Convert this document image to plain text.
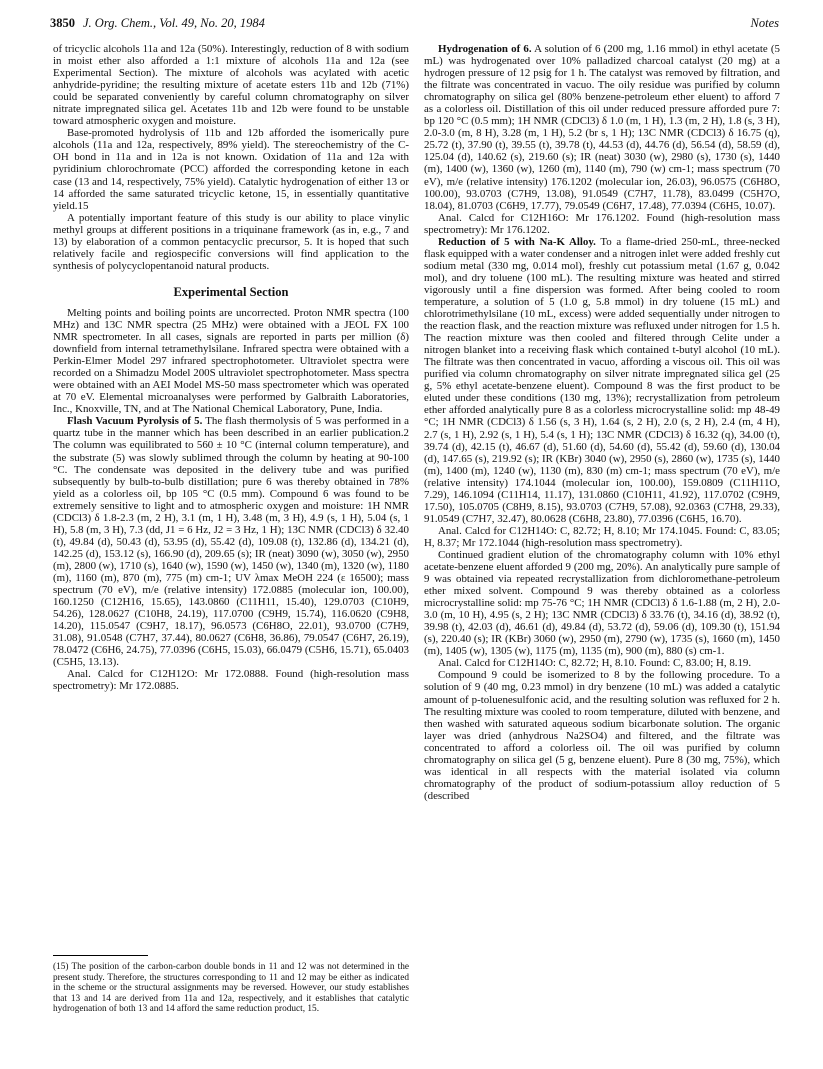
3850 J. Org. Chem., Vol. 49, No. 20, 1984	Notes

of tricyclic alcohols 11a and 12a (50%). Interestingly, reduction of 8 with sodium in moist ether also afforded a 1:1 mixture of alcohols 11a and 12a (see Experimental Section). The mixture of alcohols was acylated with acetic anhydride-pyridine; the resulting mixture of acetate esters 11b and 12b (71%) could be separated conveniently by careful column chromatography on silver nitrate impregnated silica gel. Acetates 11b and 12b were found to be unstable toward atmospheric oxygen and moisture.

Base-promoted hydrolysis of 11b and 12b afforded the isomerically pure alcohols (11a and 12a, respectively, 89% yield). The stereochemistry of the C-OH bond in 11a and in 12a is not known. Oxidation of 11a and 12a with pyridinium chlorochromate (PCC) afforded the corresponding ketone in each case (13 and 14, respectively, 75% yield). Catalytic hydrogenation of either 13 or 14 afforded the same saturated tricyclic ketone, 15, in essentially quantitative yield.15

A potentially important feature of this study is our ability to place vinylic methyl groups at different positions in a triquinane framework (as in, e.g., 7 and 13) by elaboration of a common pentacyclic precursor, 5. It is hoped that such relatively facile and regiospecific conversions will find application to the synthesis of polycyclopentanoid natural products.

Experimental Section

Melting points and boiling points are uncorrected. Proton NMR spectra (100 MHz) and 13C NMR spectra (25 MHz) were obtained with a JEOL FX 100 NMR spectrometer. In all cases, signals are reported in parts per million (δ) downfield from internal tetramethylsilane. Infrared spectra were obtained with a Perkin-Elmer Model 297 infrared spectrophotometer. Ultraviolet spectra were recorded on a Shimadzu Model 200S ultraviolet spectrophotometer. Mass spectra were obtained with an AEI Model MS-50 mass spectrometer which was operated at 70 eV. Elemental microanalyses were performed by Galbraith Laboratories, Inc., Knoxville, TN, and at The National Chemical Laboratory, Pune, India.

Flash Vacuum Pyrolysis of 5. The flash thermolysis of 5 was performed in a quartz tube in the manner which has been described in an earlier publication.2 The column was equilibrated to 560 ± 10 °C (internal column temperature), and the substrate (5) was slowly sublimed through the column by heating at 90-100 °C. The condensate was deposited in the delivery tube and was purified subsequently by bulb-to-bulb distillation; pure 6 was thereby obtained in 78% yield as a colorless oil, bp 105 °C (0.5 mm). Compound 6 was found to be extremely sensitive to light and to atmospheric oxygen and moisture: 1H NMR (CDCl3) δ 1.8-2.3 (m, 2 H), 3.1 (m, 1 H), 3.48 (m, 3 H), 4.9 (s, 1 H), 5.04 (s, 1 H), 5.8 (m, 3 H), 7.3 (dd, J1 = 6 Hz, J2 = 3 Hz, 1 H); 13C NMR (CDCl3) δ 32.40 (t), 49.84 (d), 50.43 (d), 53.95 (d), 55.42 (d), 109.08 (t), 132.86 (d), 134.21 (d), 142.25 (d), 153.12 (s), 166.90 (d), 209.65 (s); IR (neat) 3090 (w), 3050 (w), 2950 (m), 2800 (w), 1710 (s), 1640 (w), 1590 (w), 1450 (w), 1340 (m), 1320 (w), 1180 (m), 1160 (m), 870 (m), 775 (m) cm-1; UV λmax MeOH 224 (ε 16500); mass spectrum (70 eV), m/e (relative intensity) 172.0885 (molecular ion, 100.00), 160.1250 (C12H16, 15.65), 143.0860 (C11H11, 15.40), 129.0703 (C10H9, 54.26), 128.0627 (C10H8, 24.19), 117.0700 (C9H9, 15.74), 116.0620 (C9H8, 14.20), 115.0547 (C9H7, 18.17), 96.0573 (C6H8O, 22.01), 93.0700 (C7H9, 31.08), 91.0548 (C7H7, 37.44), 80.0627 (C6H8, 36.86), 79.0547 (C6H7, 26.19), 78.0472 (C6H6, 24.75), 77.0396 (C6H5, 15.03), 66.0479 (C5H6, 15.71), 65.0403 (C5H5, 13.13).

Anal. Calcd for C12H12O: Mr 172.0888. Found (high-resolution mass spectrometry): Mr 172.0885.

Hydrogenation of 6. A solution of 6 (200 mg, 1.16 mmol) in ethyl acetate (5 mL) was hydrogenated over 10% palladized charcoal catalyst (20 mg) at a hydrogen pressure of 12 psig for 1 h. The catalyst was removed by filtration, and the filtrate was concentrated in vacuo. The oily residue was purified by column chromatography on silica gel (80% benzene-petroleum ether eluent) to afford 7 as a colorless oil. Distillation of this oil under reduced pressure afforded pure 7: bp 120 °C (0.5 mm); 1H NMR (CDCl3) δ 1.0 (m, 1 H), 1.3 (m, 2 H), 1.8 (s, 3 H), 2.0-3.0 (m, 8 H), 3.28 (m, 1 H), 5.2 (br s, 1 H); 13C NMR (CDCl3) δ 16.75 (q), 25.72 (t), 37.90 (t), 39.55 (t), 39.78 (t), 44.53 (d), 44.76 (d), 56.54 (d), 58.59 (d), 125.04 (d), 140.62 (s), 219.60 (s); IR (neat) 3030 (w), 2980 (s), 1730 (s), 1440 (m), 1400 (w), 1360 (w), 1260 (m), 1140 (m), 790 (w) cm-1; mass spectrum (70 eV), m/e (relative intensity) 176.1202 (molecular ion, 26.03), 96.0575 (C6H8O, 100.00), 93.0703 (C7H9, 13.08), 91.0549 (C7H7, 11.78), 83.0499 (C5H7O, 18.04), 81.0703 (C6H9, 17.77), 79.0549 (C6H7, 17.48), 77.0394 (C6H5, 10.07).

Anal. Calcd for C12H16O: Mr 176.1202. Found (high-resolution mass spectrometry): Mr 176.1202.

Reduction of 5 with Na-K Alloy. To a flame-dried 250-mL, three-necked flask equipped with a water condenser and a nitrogen inlet were added freshly cut sodium metal (330 mg, 0.014 mol), freshly cut potassium metal (1.67 g, 0.042 mol), and dry toluene (100 mL). The resulting mixture was heated and stirred vigorously until a fine dispersion was formed. After being cooled to room temperature, a solution of 5 (1.0 g, 5.8 mmol) in dry toluene (15 mL) and chlorotrimethylsilane (10 mL, excess) were added sequentially under nitrogen to the reaction flask, and the reaction mixture was refluxed under nitrogen for 1.5 h. The reaction mixture was then cooled and filtered through Celite under a nitrogen blanket into a receiving flask which contained t-butyl alcohol (10 mL). The filtrate was then concentrated in vacuo, affording a viscous oil. This oil was purified via column chromatography on silver nitrate impregnated silica gel (25 g, 5% ethyl acetate-benzene eluent). Compound 8 was the first product to be eluted under these conditions (130 mg, 13%); recrystallization from petroleum ether afforded analytically pure 8 as a colorless microcrystalline solid: mp 48-49 °C; 1H NMR (CDCl3) δ 1.56 (s, 3 H), 1.64 (s, 2 H), 2.0 (s, 2 H), 2.4 (m, 4 H), 2.7 (s, 1 H), 2.92 (s, 1 H), 5.4 (s, 1 H); 13C NMR (CDCl3) δ 16.32 (q), 34.00 (t), 39.74 (d), 42.15 (t), 46.67 (d), 51.60 (d), 54.60 (d), 55.42 (d), 59.60 (d), 130.04 (d), 147.65 (s), 219.92 (s); IR (KBr) 3040 (w), 2950 (s), 2860 (w), 1735 (s), 1440 (m), 1400 (m), 1240 (w), 1130 (m), 830 (m) cm-1; mass spectrum (70 eV), m/e (relative intensity) 174.1044 (molecular ion, 100.00), 159.0809 (C11H11O, 7.29), 146.1094 (C11H14, 11.17), 131.0860 (C10H11, 41.92), 117.0702 (C9H9, 17.50), 105.0705 (C8H9, 8.15), 93.0703 (C7H9, 57.08), 92.0363 (C7H8, 29.33), 91.0549 (C7H7, 32.47), 80.0628 (C6H8, 23.80), 77.0396 (C6H5, 16.70).

Anal. Calcd for C12H14O: C, 82.72; H, 8.10; Mr 174.1045. Found: C, 83.05; H, 8.37; Mr 172.1044 (high-resolution mass spectrometry).

Continued gradient elution of the chromatography column with 10% ethyl acetate-benzene eluent afforded 9 (200 mg, 20%). An analytically pure sample of 9 was obtained via repeated recrystallization from dichloromethane-petroleum ether mixed solvent. Compound 9 was thereby obtained as a colorless microcrystalline solid: mp 75-76 °C; 1H NMR (CDCl3) δ 1.6-1.88 (m, 2 H), 2.0-3.0 (m, 10 H), 4.95 (s, 2 H); 13C NMR (CDCl3) δ 33.76 (t), 34.16 (d), 38.92 (t), 39.98 (t), 42.03 (d), 46.61 (d), 49.84 (d), 53.72 (d), 59.06 (d), 109.30 (t), 151.94 (s), 220.40 (s); IR (KBr) 3060 (w), 2950 (m), 2790 (w), 1735 (s), 1660 (m), 1450 (m), 1405 (w), 1305 (w), 1175 (m), 1135 (m), 900 (m), 880 (s) cm-1.

Anal. Calcd for C12H14O: C, 82.72; H, 8.10. Found: C, 83.00; H, 8.19.

Compound 9 could be isomerized to 8 by the following procedure. To a solution of 9 (40 mg, 0.23 mmol) in dry benzene (10 mL) was added a catalytic amount of p-toluenesulfonic acid, and the resulting solution was refluxed for 2 h. The resulting mixture was cooled to room temperature, diluted with benzene, and then washed with saturated aqueous sodium bicarbonate solution. The organic layer was dried (anhydrous Na2SO4) and filtered, and the filtrate was concentrated to afford a colorless oil. The oil was purified by column chromatography on silica gel (5 g, benzene eluent). Pure 8 (30 mg, 75%), which was identical in all respects with the material isolated via column chromatography of the product of sodium-potassium alloy reduction of 5 (described

(15) The position of the carbon-carbon double bonds in 11 and 12 was not determined in the present study. Therefore, the structures corresponding to 11 and 12 may be either as indicated in the scheme or the structural assignments may be reversed. However, our study establishes that 13 and 14 are derived from 11a and 12a, respectively, and it establishes that catalytic hydrogenation of both 13 and 14 afford the same reduction product, 15.
